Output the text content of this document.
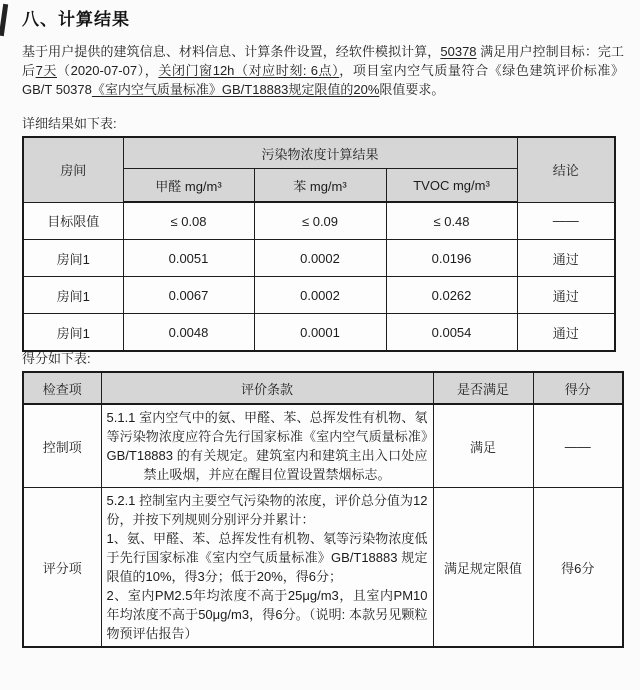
八、计算结果
基于用户提供的建筑信息、材料信息、计算条件设置，经软件模拟计算，50378 满足用户控制目标：完工后7天（2020-07-07），关闭门窗12h（对应时刻: 6点），项目室内空气质量符合《绿色建筑评价标准》GB/T 50378《室内空气质量标准》GB/T18883规定限值的20%限值要求。
详细结果如下表:
房间	污染物浓度计算结果			结论
	甲醛 mg/m³	苯 mg/m³	TVOC mg/m³	
目标限值	≤ 0.08	≤ 0.09	≤ 0.48	——
房间1	0.0051	0.0002	0.0196	通过
房间1	0.0067	0.0002	0.0262	通过
房间1	0.0048	0.0001	0.0054	通过
得分如下表:
检查项	评价条款	是否满足	得分
控制项	5.1.1 室内空气中的氨、甲醛、苯、总挥发性有机物、氡等污染物浓度应符合先行国家标准《室内空气质量标准》GB/T18883 的有关规定。建筑室内和建筑主出入口处应禁止吸烟，并应在醒目位置设置禁烟标志。	满足	——
评分项	5.2.1 控制室内主要空气污染物的浓度，评价总分值为12份，并按下列规则分别评分并累计：
1、氨、甲醛、苯、总挥发性有机物、氡等污染物浓度低于先行国家标准《室内空气质量标准》GB/T18883 规定限值的10%，得3分；低于20%，得6分；
2、室内PM2.5年均浓度不高于25μg/m3，且室内PM10年均浓度不高于50μg/m3，得6分。（说明: 本款另见颗粒物预评估报告）	满足规定限值	得6分
